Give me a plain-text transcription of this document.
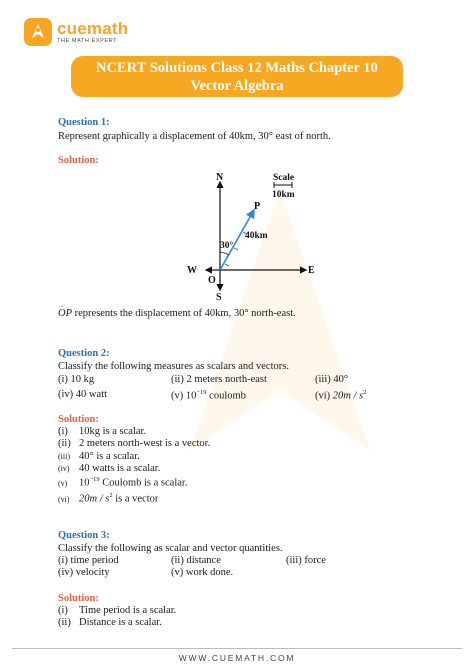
cuemath
THE MATH EXPERT
NCERT Solutions Class 12 Maths Chapter 10
Vector Algebra
Question 1:
Represent graphically a displacement of 40km, 30° east of north.
Solution:
N
S
E
W
O
P
30°
40km
Scale
10km
→
OP represents the displacement of 40km, 30° north-east.
Question 2:
Classify the following measures as scalars and vectors.
(i) 10 kg	(ii) 2 meters north-east	(iii) 40°
(iv) 40 watt	(v) $10^{-19}$ coulomb	(vi) $20m / s^2$
Solution:
(i) 10kg is a scalar.
(ii) 2 meters north-west is a vector.
(iii) 40° is a scalar.
(iv) 40 watts is a scalar.
(v) $10^{-19}$ Coulomb is a scalar.
(vi) $20m / s^2$ is a vector
Question 3:
Classify the following as scalar and vector quantities.
(i) time period	(ii) distance	(iii) force
(iv) velocity	(v) work done.
Solution:
(i) Time period is a scalar.
(ii) Distance is a scalar.
WWW.CUEMATH.COM
